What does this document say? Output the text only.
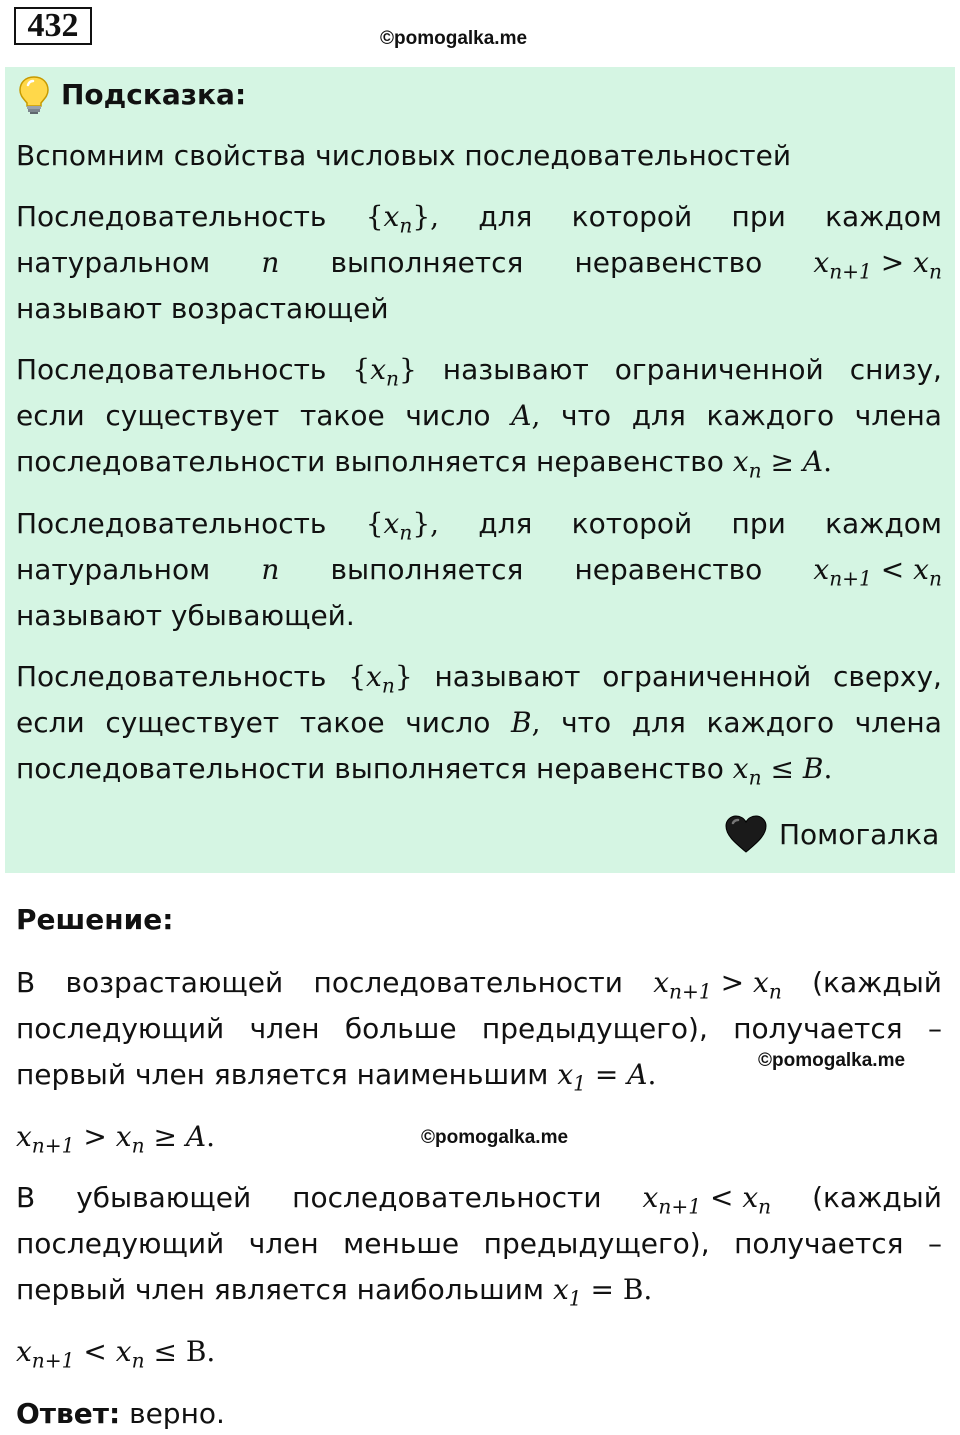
432	©pomogalka.me
Подсказка:
Вспомним свойства числовых последовательностей
Последовательность $\{x_n\}$, для которой при каждом
натуральном n выполняется неравенство $x_{n+1} > x_n$
называют возрастающей
Последовательность $\{x_n\}$ называют ограниченной снизу,
если существует такое число A, что для каждого члена
последовательности выполняется неравенство $x_n \ge A$.
Последовательность $\{x_n\}$, для которой при каждом
натуральном n выполняется неравенство $x_{n+1} < x_n$
называют убывающей.
Последовательность $\{x_n\}$ называют ограниченной сверху,
если существует такое число B, что для каждого члена
последовательности выполняется неравенство $x_n \le B$.
Помогалка
Решение:
В возрастающей последовательности $x_{n+1} > x_n$ (каждый
последующий член больше предыдущего), получается –
первый член является наименьшим $x_1 = A$.	©pomogalka.me
$x_{n+1} > x_n \ge A$.	©pomogalka.me
В убывающей последовательности $x_{n+1} < x_n$ (каждый
последующий член меньше предыдущего), получается –
первый член является наибольшим $x_1 = B$.
$x_{n+1} < x_n \le B$.
Ответ: верно.
